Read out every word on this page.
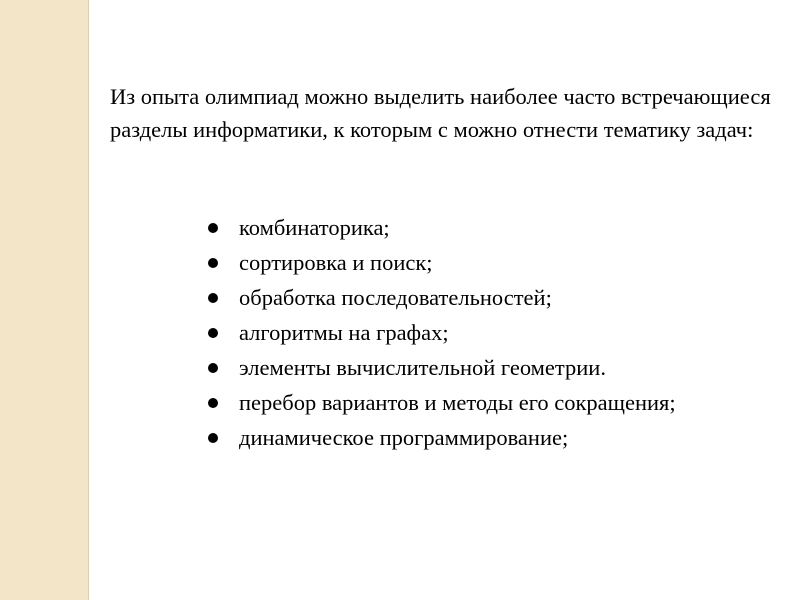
Из опыта олимпиад можно выделить наиболее часто встречающиеся разделы информатики, к которым с можно отнести тематику задач:

комбинаторика;
сортировка и поиск;
обработка последовательностей;
алгоритмы на графах;
элементы вычислительной геометрии.
перебор вариантов и методы его сокращения;
динамическое программирование;
